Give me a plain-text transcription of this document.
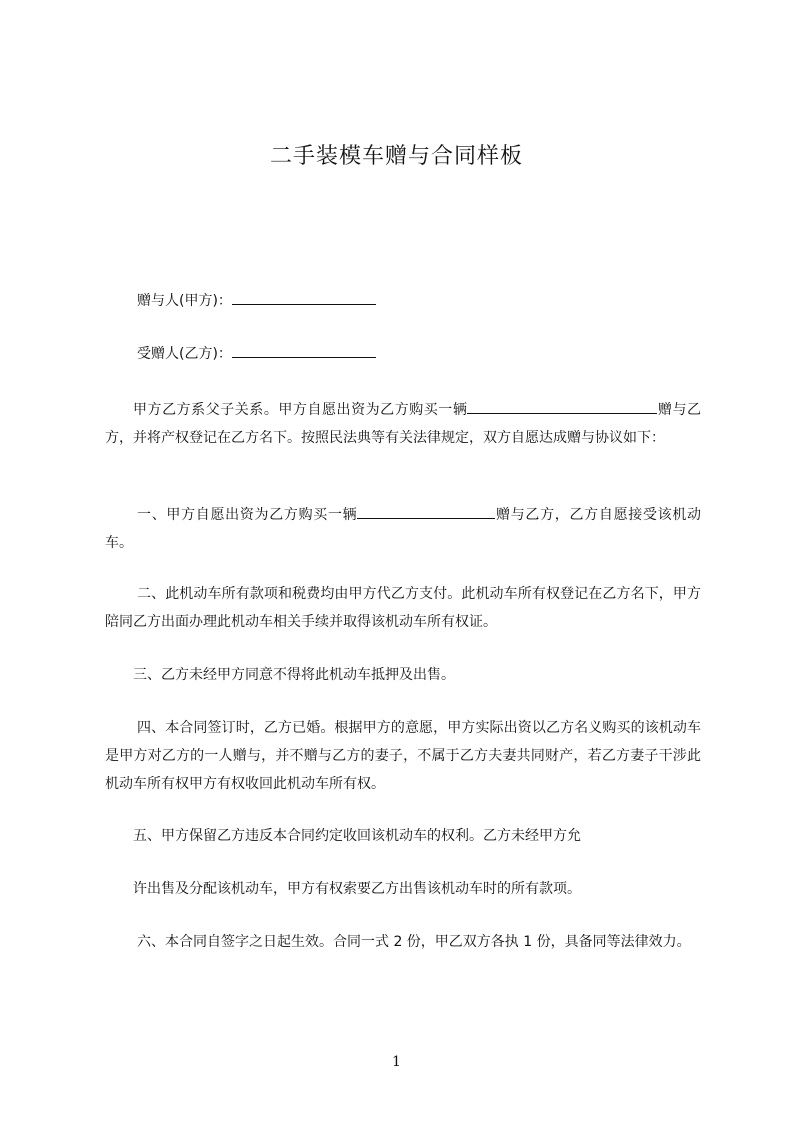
二手装模车赠与合同样板
赠与人(甲方)：
受赠人(乙方)：
甲方乙方系父子关系。甲方自愿出资为乙方购买一辆	赠与乙方，并将产权登记在乙方名下。按照民法典等有关法律规定，双方自愿达成赠与协议如下：
一、甲方自愿出资为乙方购买一辆	赠与乙方，乙方自愿接受该机动车。
二、此机动车所有款项和税费均由甲方代乙方支付。此机动车所有权登记在乙方名下，甲方陪同乙方出面办理此机动车相关手续并取得该机动车所有权证。
三、乙方未经甲方同意不得将此机动车抵押及出售。
四、本合同签订时，乙方已婚。根据甲方的意愿，甲方实际出资以乙方名义购买的该机动车是甲方对乙方的一人赠与，并不赠与乙方的妻子，不属于乙方夫妻共同财产，若乙方妻子干涉此机动车所有权甲方有权收回此机动车所有权。
五、甲方保留乙方违反本合同约定收回该机动车的权利。乙方未经甲方允
许出售及分配该机动车，甲方有权索要乙方出售该机动车时的所有款项。
六、本合同自签字之日起生效。合同一式 2 份，甲乙双方各执 1 份，具备同等法律效力。
1
